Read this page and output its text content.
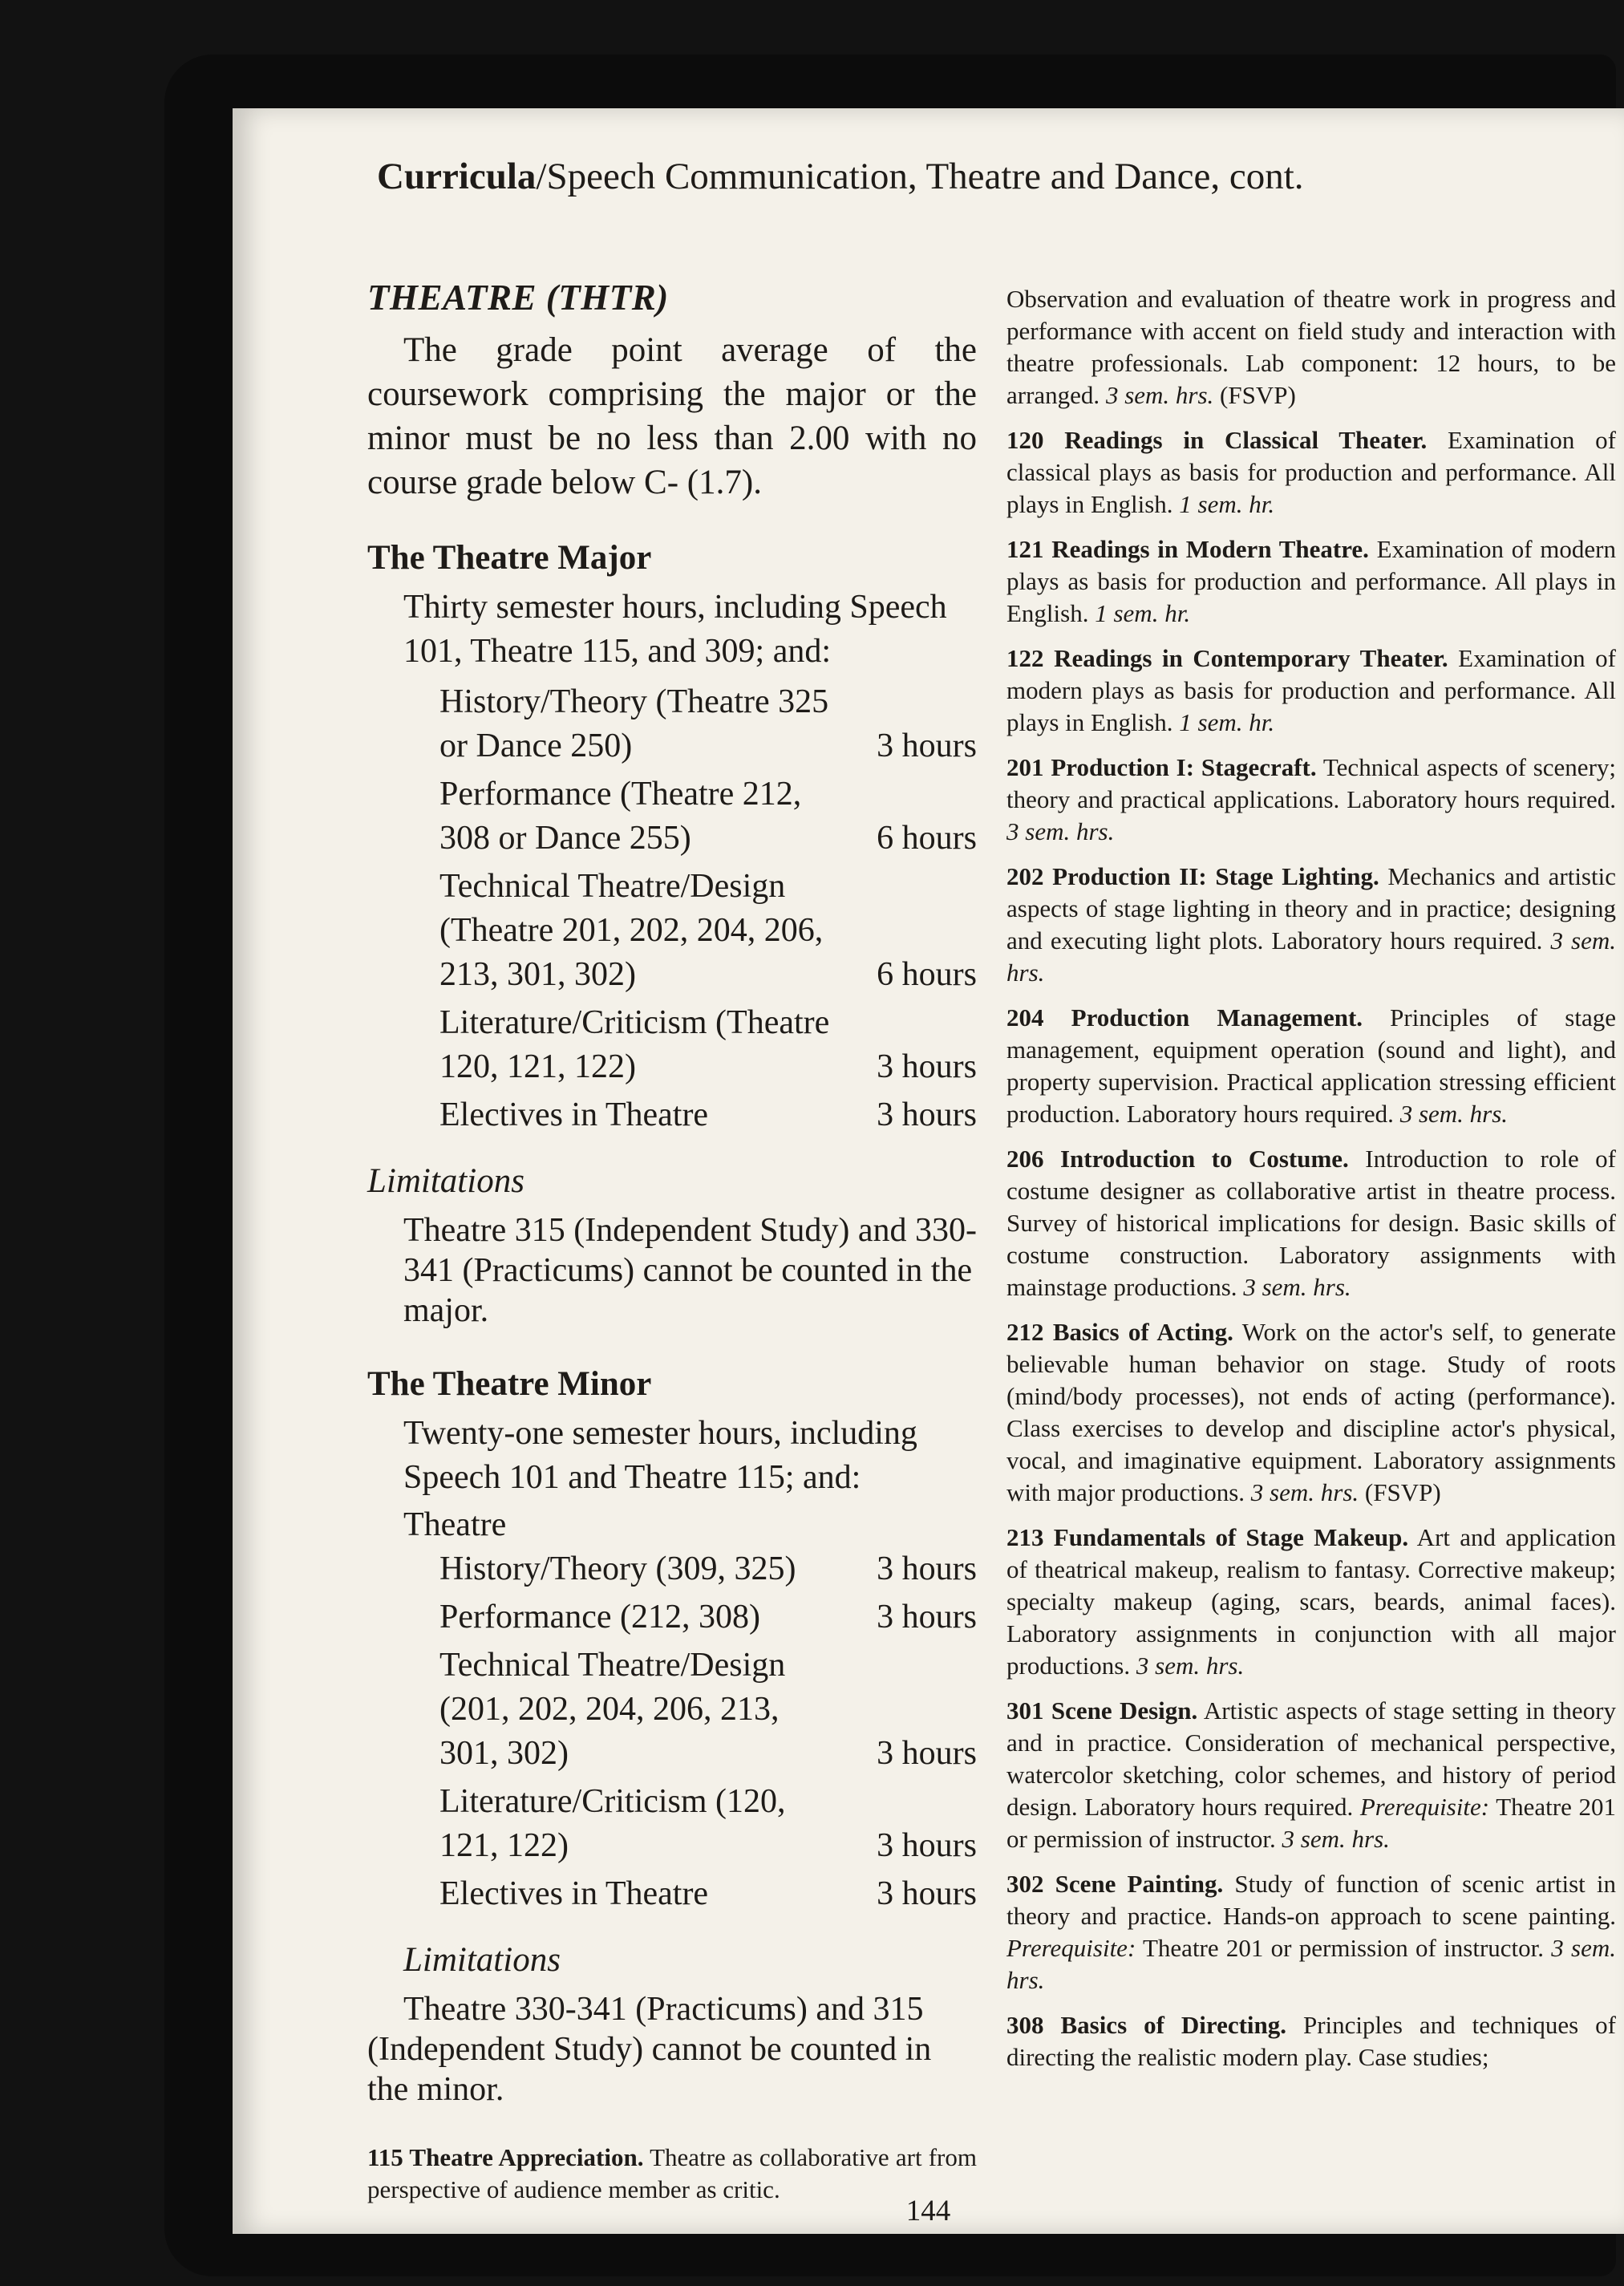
Curricula/Speech Communication, Theatre and Dance, cont.
THEATRE (THTR)

The grade point average of the coursework comprising the major or the minor must be no less than 2.00 with no course grade below C- (1.7).

The Theatre Major

Thirty semester hours, including Speech 101, Theatre 115, and 309; and:

History/Theory (Theatre 325 or Dance 250)	3 hours
Performance (Theatre 212, 308 or Dance 255)	6 hours
Technical Theatre/Design (Theatre 201, 202, 204, 206, 213, 301, 302)	6 hours
Literature/Criticism (Theatre 120, 121, 122)	3 hours
Electives in Theatre	3 hours
Limitations

Theatre 315 (Independent Study) and 330-341 (Practicums) cannot be counted in the major.

The Theatre Minor

Twenty-one semester hours, including Speech 101 and Theatre 115; and:

Theatre
History/Theory (309, 325)	3 hours
Performance (212, 308)	3 hours
Technical Theatre/Design (201, 202, 204, 206, 213, 301, 302)	3 hours
Literature/Criticism (120, 121, 122)	3 hours
Electives in Theatre	3 hours
Limitations

Theatre 330-341 (Practicums) and 315 (Independent Study) cannot be counted in the minor.

115 Theatre Appreciation. Theatre as collaborative art from perspective of audience member as critic.

Observation and evaluation of theatre work in progress and performance with accent on field study and interaction with theatre professionals. Lab component: 12 hours, to be arranged. 3 sem. hrs. (FSVP)

120 Readings in Classical Theater. Examination of classical plays as basis for production and performance. All plays in English. 1 sem. hr.

121 Readings in Modern Theatre. Examination of modern plays as basis for production and performance. All plays in English. 1 sem. hr.

122 Readings in Contemporary Theater. Examination of modern plays as basis for production and performance. All plays in English. 1 sem. hr.

201 Production I: Stagecraft. Technical aspects of scenery; theory and practical applications. Laboratory hours required. 3 sem. hrs.

202 Production II: Stage Lighting. Mechanics and artistic aspects of stage lighting in theory and in practice; designing and executing light plots. Laboratory hours required. 3 sem. hrs.

204 Production Management. Principles of stage management, equipment operation (sound and light), and property supervision. Practical application stressing efficient production. Laboratory hours required. 3 sem. hrs.

206 Introduction to Costume. Introduction to role of costume designer as collaborative artist in theatre process. Survey of historical implications for design. Basic skills of costume construction. Laboratory assignments with mainstage productions. 3 sem. hrs.

212 Basics of Acting. Work on the actor's self, to generate believable human behavior on stage. Study of roots (mind/body processes), not ends of acting (performance). Class exercises to develop and discipline actor's physical, vocal, and imaginative equipment. Laboratory assignments with major productions. 3 sem. hrs. (FSVP)

213 Fundamentals of Stage Makeup. Art and application of theatrical makeup, realism to fantasy. Corrective makeup; specialty makeup (aging, scars, beards, animal faces). Laboratory assignments in conjunction with all major productions. 3 sem. hrs.

301 Scene Design. Artistic aspects of stage setting in theory and in practice. Consideration of mechanical perspective, watercolor sketching, color schemes, and history of period design. Laboratory hours required. Prerequisite: Theatre 201 or permission of instructor. 3 sem. hrs.

302 Scene Painting. Study of function of scenic artist in theory and practice. Hands-on approach to scene painting. Prerequisite: Theatre 201 or permission of instructor. 3 sem. hrs.

308 Basics of Directing. Principles and techniques of directing the realistic modern play. Case studies;

144
